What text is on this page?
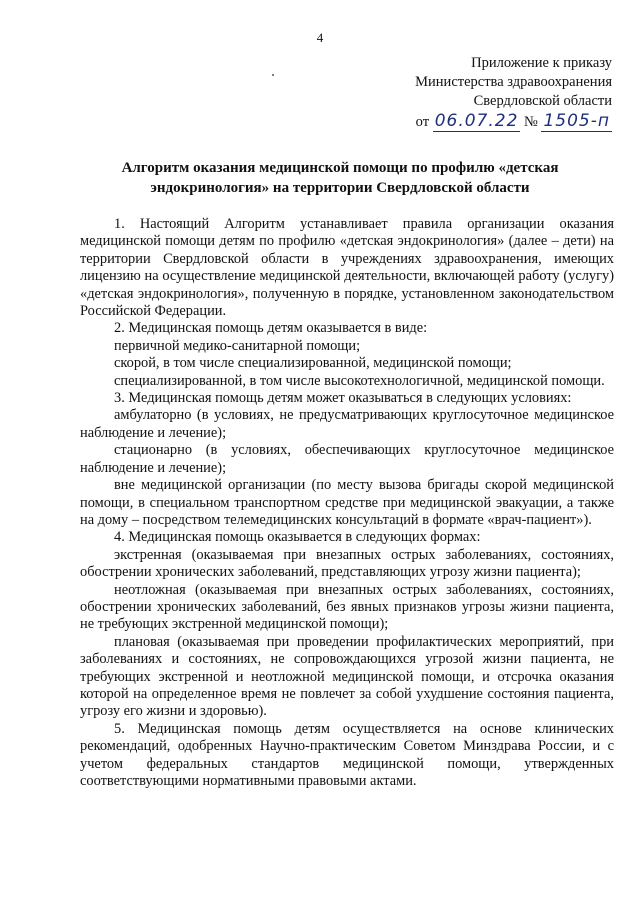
4
Приложение к приказу
Министерства здравоохранения
Свердловской области
от 06.07.22 № 1505-п
Алгоритм оказания медицинской помощи по профилю «детская
эндокринология» на территории Свердловской области

1. Настоящий Алгоритм устанавливает правила организации оказания медицинской помощи детям по профилю «детская эндокринология» (далее – дети) на территории Свердловской области в учреждениях здравоохранения, имеющих лицензию на осуществление медицинской деятельности, включающей работу (услугу) «детская эндокринология», полученную в порядке, установленном законодательством Российской Федерации.

2. Медицинская помощь детям оказывается в виде:

первичной медико-санитарной помощи;

скорой, в том числе специализированной, медицинской помощи;

специализированной, в том числе высокотехнологичной, медицинской помощи.

3. Медицинская помощь детям может оказываться в следующих условиях:

амбулаторно (в условиях, не предусматривающих круглосуточное медицинское наблюдение и лечение);

стационарно (в условиях, обеспечивающих круглосуточное медицинское наблюдение и лечение);

вне медицинской организации (по месту вызова бригады скорой медицинской помощи, в специальном транспортном средстве при медицинской эвакуации, а также на дому – посредством телемедицинских консультаций в формате «врач-пациент»).

4. Медицинская помощь оказывается в следующих формах:

экстренная (оказываемая при внезапных острых заболеваниях, состояниях, обострении хронических заболеваний, представляющих угрозу жизни пациента);

неотложная (оказываемая при внезапных острых заболеваниях, состояниях, обострении хронических заболеваний, без явных признаков угрозы жизни пациента, не требующих экстренной медицинской помощи);

плановая (оказываемая при проведении профилактических мероприятий, при заболеваниях и состояниях, не сопровождающихся угрозой жизни пациента, не требующих экстренной и неотложной медицинской помощи, и отсрочка оказания которой на определенное время не повлечет за собой ухудшение состояния пациента, угрозу его жизни и здоровью).

5. Медицинская помощь детям осуществляется на основе клинических рекомендаций, одобренных Научно-практическим Советом Минздрава России, и с учетом федеральных стандартов медицинской помощи, утвержденных соответствующими нормативными правовыми актами.
